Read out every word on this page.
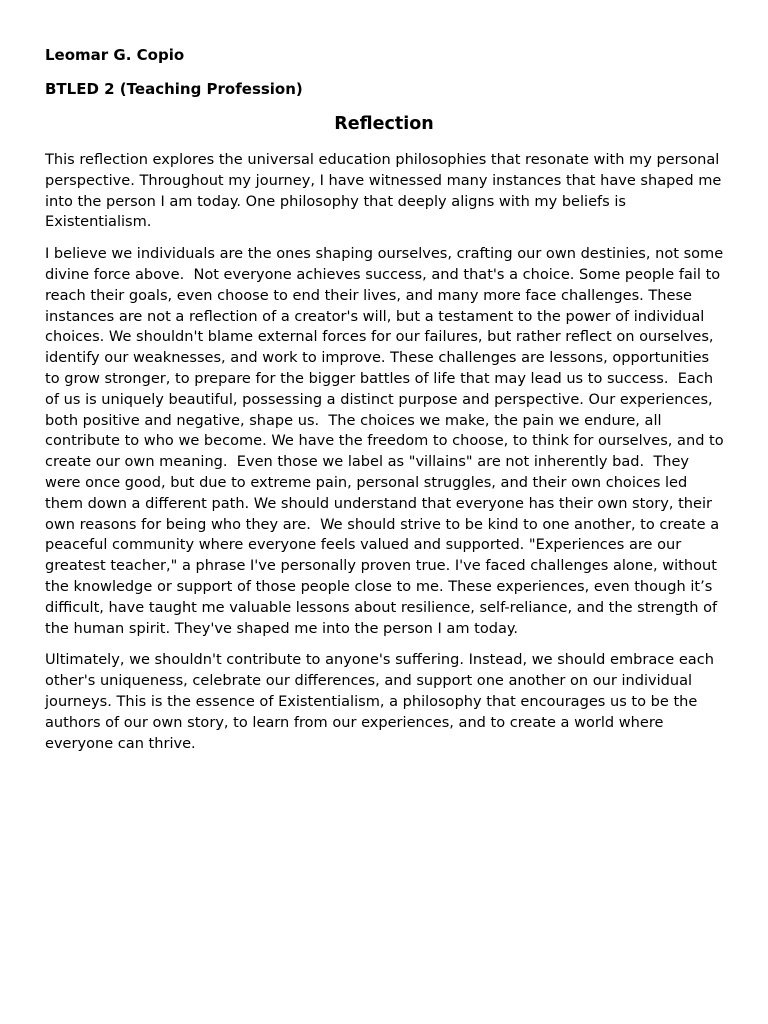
Leomar G. Copio
BTLED 2 (Teaching Profession)
Reflection

This reflection explores the universal education philosophies that resonate with my personal perspective. Throughout my journey, I have witnessed many instances that have shaped me into the person I am today. One philosophy that deeply aligns with my beliefs is Existentialism.

I believe we individuals are the ones shaping ourselves, crafting our own destinies, not some divine force above.  Not everyone achieves success, and that's a choice. Some people fail to reach their goals, even choose to end their lives, and many more face challenges. These instances are not a reflection of a creator's will, but a testament to the power of individual choices. We shouldn't blame external forces for our failures, but rather reflect on ourselves, identify our weaknesses, and work to improve. These challenges are lessons, opportunities to grow stronger, to prepare for the bigger battles of life that may lead us to success.  Each of us is uniquely beautiful, possessing a distinct purpose and perspective. Our experiences, both positive and negative, shape us.  The choices we make, the pain we endure, all contribute to who we become. We have the freedom to choose, to think for ourselves, and to create our own meaning.  Even those we label as "villains" are not inherently bad.  They were once good, but due to extreme pain, personal struggles, and their own choices led them down a different path. We should understand that everyone has their own story, their own reasons for being who they are.  We should strive to be kind to one another, to create a peaceful community where everyone feels valued and supported. "Experiences are our greatest teacher," a phrase I've personally proven true. I've faced challenges alone, without the knowledge or support of those people close to me. These experiences, even though it’s difficult, have taught me valuable lessons about resilience, self-reliance, and the strength of the human spirit. They've shaped me into the person I am today.

Ultimately, we shouldn't contribute to anyone's suffering. Instead, we should embrace each other's uniqueness, celebrate our differences, and support one another on our individual journeys. This is the essence of Existentialism, a philosophy that encourages us to be the authors of our own story, to learn from our experiences, and to create a world where everyone can thrive.
